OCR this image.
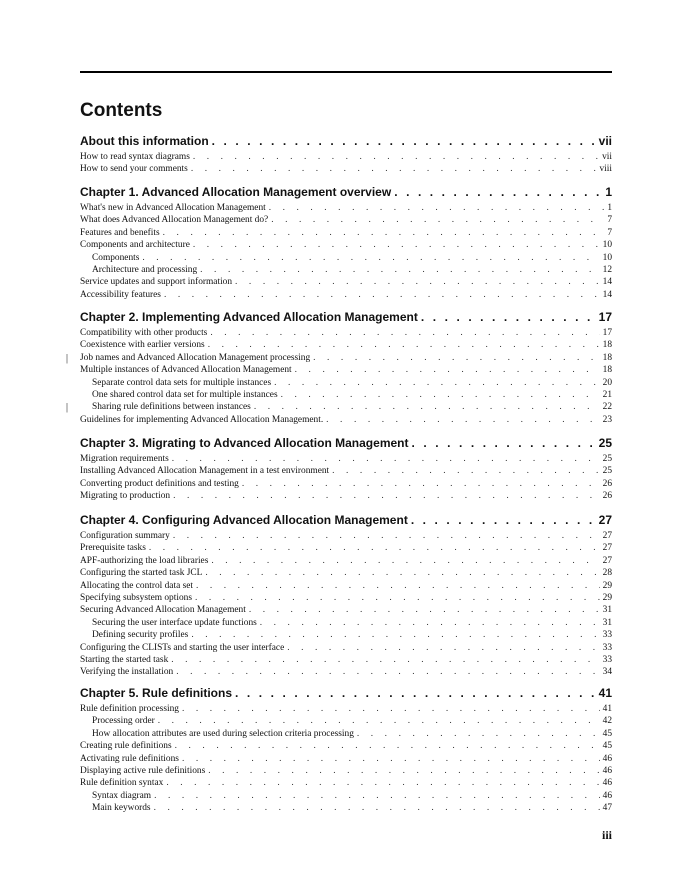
Contents
About this information . . .	vii
How to read syntax diagrams . . .	vii
How to send your comments . . .	viii
Chapter 1. Advanced Allocation Management overview . . .	1
What's new in Advanced Allocation Management . . .	1
What does Advanced Allocation Management do? . . .	7
Features and benefits . . .	7
Components and architecture . . .	10
Components . . .	10
Architecture and processing . . .	12
Service updates and support information . . .	14
Accessibility features . . .	14
Chapter 2. Implementing Advanced Allocation Management . . .	17
Compatibility with other products . . .	17
Coexistence with earlier versions . . .	18
| Job names and Advanced Allocation Management processing . . .	18
Multiple instances of Advanced Allocation Management . . .	18
Separate control data sets for multiple instances . . .	20
One shared control data set for multiple instances . . .	21
|	Sharing rule definitions between instances . . .	22
Guidelines for implementing Advanced Allocation Management. . . .	23
Chapter 3. Migrating to Advanced Allocation Management . . .	25
Migration requirements . . .	25
Installing Advanced Allocation Management in a test environment . . .	25
Converting product definitions and testing . . .	26
Migrating to production . . .	26
Chapter 4. Configuring Advanced Allocation Management . . .	27
Configuration summary . . .	27
Prerequisite tasks . . .	27
APF-authorizing the load libraries . . .	27
Configuring the started task JCL . . .	28
Allocating the control data set . . .	29
Specifying subsystem options . . .	29
Securing Advanced Allocation Management . . .	31
Securing the user interface update functions . . .	31
Defining security profiles . . .	33
Configuring the CLISTs and starting the user interface . . .	33
Starting the started task . . .	33
Verifying the installation . . .	34
Chapter 5. Rule definitions . . .	41
Rule definition processing . . .	41
Processing order . . .	42
How allocation attributes are used during selection criteria processing . . .	45
Creating rule definitions . . .	45
Activating rule definitions . . .	46
Displaying active rule definitions . . .	46
Rule definition syntax . . .	46
Syntax diagram . . .	46
Main keywords . . .	47
iii
